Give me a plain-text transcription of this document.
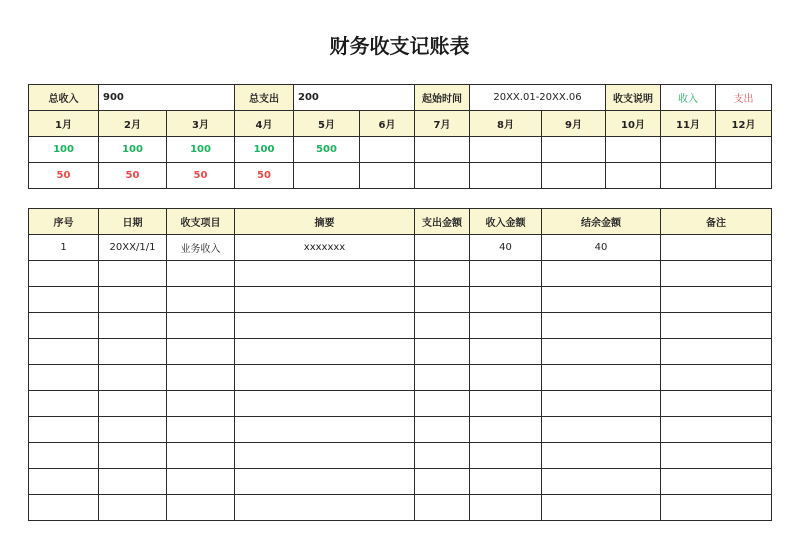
财务收支记账表
总收入	900		总支出	200		起始时间	20XX.01-20XX.06		收支说明	收入	支出
1月	2月	3月	4月	5月	6月	7月	8月	9月	10月	11月	12月
100	100	100	100	500							
50	50	50	50								
序号	日期	收支项目	摘要	支出金额	收入金额	结余金额	备注
1	20XX/1/1	业务收入	xxxxxxx		40	40	
